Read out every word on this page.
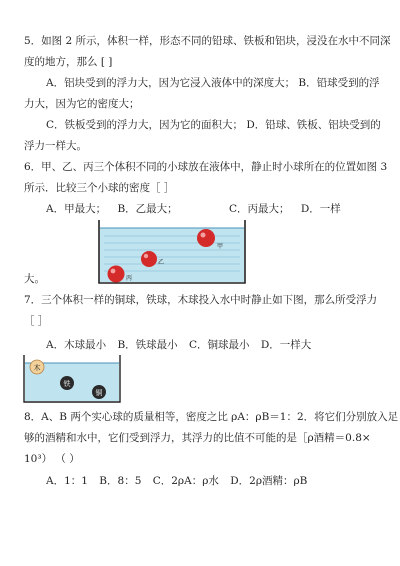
5．如图 2 所示，体积一样，形态不同的铅球、铁板和铝块，浸没在水中不同深
度的地方，那么 [ ]
A．铝块受到的浮力大，因为它浸入液体中的深度大； B．铅球受到的浮
力大，因为它的密度大；
C．铁板受到的浮力大，因为它的面积大； D．铅球、铁板、铝块受到的
浮力一样大。
6．甲、乙、丙三个体积不同的小球放在液体中，静止时小球所在的位置如图 3
所示．比较三个小球的密度［ ］
A．甲最大； B．乙最大；	C．丙最大； D．一样
甲
乙
丙
大。
7．三个体积一样的铜球，铁球，木球投入水中时静止如下图，那么所受浮力
［ ］
A．木球最小 B．铁球最小 C．铜球最小 D．一样大
木
铁
铜
8．A、B 两个实心球的质量相等，密度之比 ρA：ρB＝1：2．将它们分别放入足
够的酒精和水中，它们受到浮力，其浮力的比值不可能的是［ρ酒精＝0.8×
10³） （ ）
A．1：1 B．8：5 C．2ρA：ρ水 D．2ρ酒精：ρB
